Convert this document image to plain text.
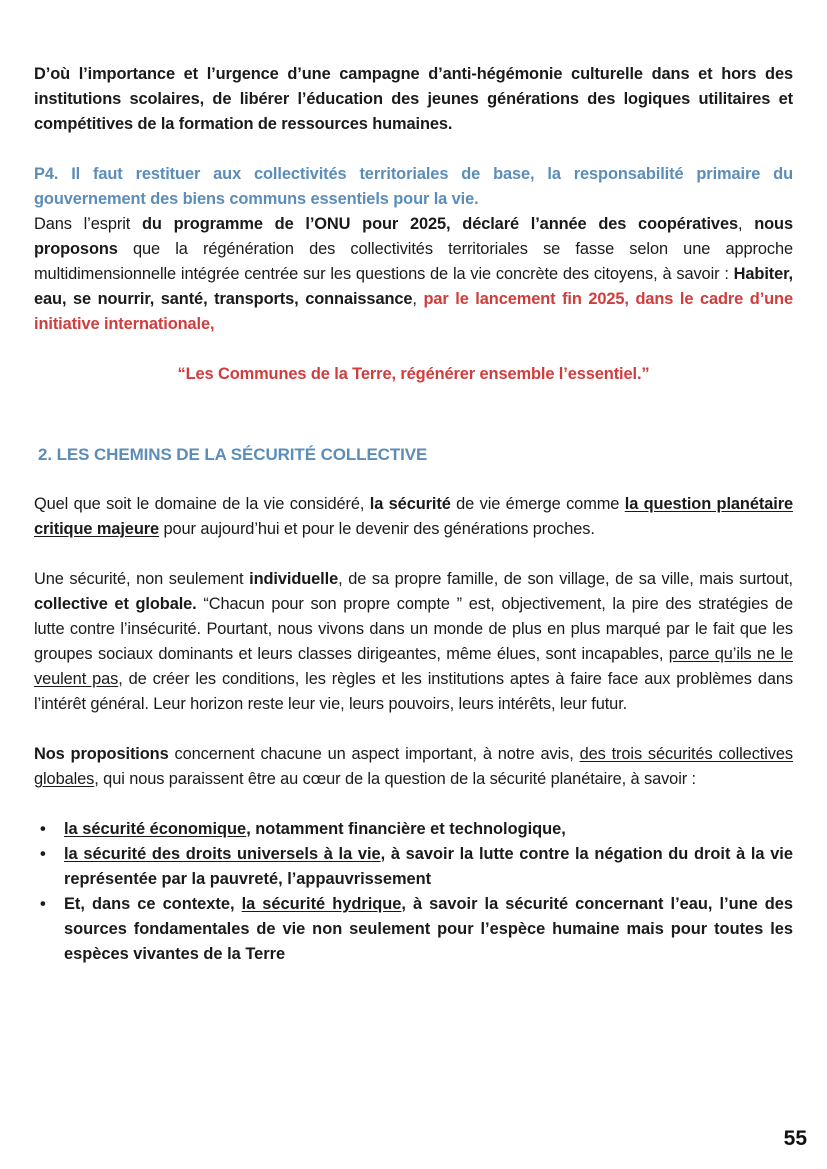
D’où l’importance et l’urgence d’une campagne d’anti-hégémonie culturelle dans et hors des institutions scolaires, de libérer l’éducation des jeunes générations des logiques utilitaires et compétitives de la formation de ressources humaines.

P4. Il faut restituer aux collectivités territoriales de base, la responsabilité primaire du gouvernement des biens communs essentiels pour la vie.

Dans l’esprit du programme de l’ONU pour 2025, déclaré l’année des coopératives, nous proposons que la régénération des collectivités territoriales se fasse selon une approche multidimensionnelle intégrée centrée sur les questions de la vie concrète des citoyens, à savoir : Habiter, eau, se nourrir, santé, transports, connaissance, par le lancement fin 2025, dans le cadre d’une initiative internationale,

“Les Communes de la Terre, régénérer ensemble l’essentiel.”

2. LES CHEMINS DE LA SÉCURITÉ COLLECTIVE

Quel que soit le domaine de la vie considéré, la sécurité de vie émerge comme la question planétaire critique majeure pour aujourd’hui et pour le devenir des générations proches.

Une sécurité, non seulement individuelle, de sa propre famille, de son village, de sa ville, mais surtout, collective et globale. “Chacun pour son propre compte ” est, objectivement, la pire des stratégies de lutte contre l’insécurité. Pourtant, nous vivons dans un monde de plus en plus marqué par le fait que les groupes sociaux dominants et leurs classes dirigeantes, même élues, sont incapables, parce qu’ils ne le veulent pas, de créer les conditions, les règles et les institutions aptes à faire face aux problèmes dans l’intérêt général. Leur horizon reste leur vie, leurs pouvoirs, leurs intérêts, leur futur.

Nos propositions concernent chacune un aspect important, à notre avis, des trois sécurités collectives globales, qui nous paraissent être au cœur de la question de la sécurité planétaire, à savoir :

• la sécurité économique, notamment financière et technologique,
• la sécurité des droits universels à la vie, à savoir la lutte contre la négation du droit à la vie représentée par la pauvreté, l’appauvrissement
• Et, dans ce contexte, la sécurité hydrique, à savoir la sécurité concernant l’eau, l’une des sources fondamentales de vie non seulement pour l’espèce humaine mais pour toutes les espèces vivantes de la Terre
55
